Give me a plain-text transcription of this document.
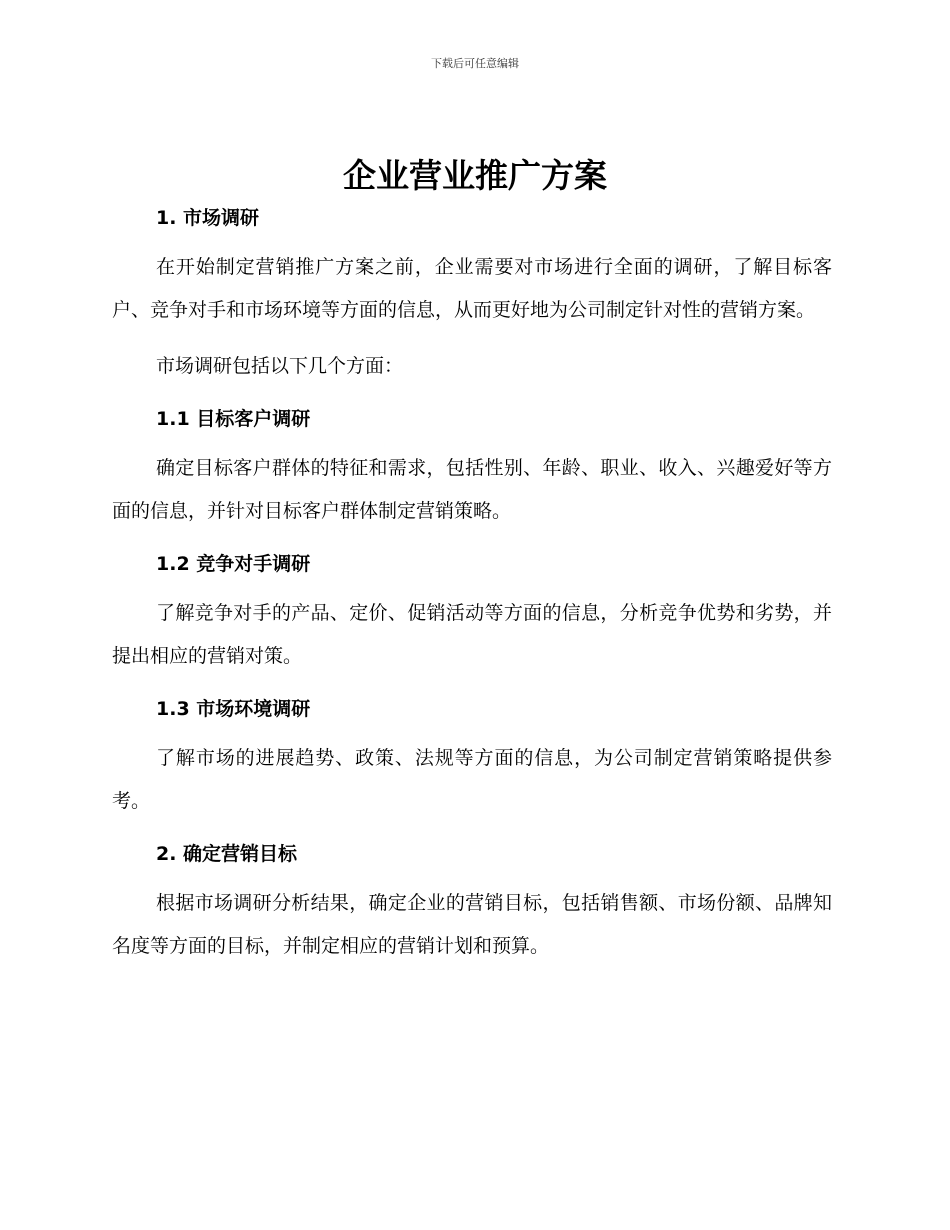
下载后可任意编辑
企业营业推广方案

1. 市场调研

在开始制定营销推广方案之前，企业需要对市场进行全面的调研，了解目标客户、竞争对手和市场环境等方面的信息，从而更好地为公司制定针对性的营销方案。

市场调研包括以下几个方面：

1.1 目标客户调研

确定目标客户群体的特征和需求，包括性别、年龄、职业、收入、兴趣爱好等方面的信息，并针对目标客户群体制定营销策略。

1.2 竞争对手调研

了解竞争对手的产品、定价、促销活动等方面的信息，分析竞争优势和劣势，并提出相应的营销对策。

1.3 市场环境调研

了解市场的进展趋势、政策、法规等方面的信息，为公司制定营销策略提供参考。

2. 确定营销目标

根据市场调研分析结果，确定企业的营销目标，包括销售额、市场份额、品牌知名度等方面的目标，并制定相应的营销计划和预算。
